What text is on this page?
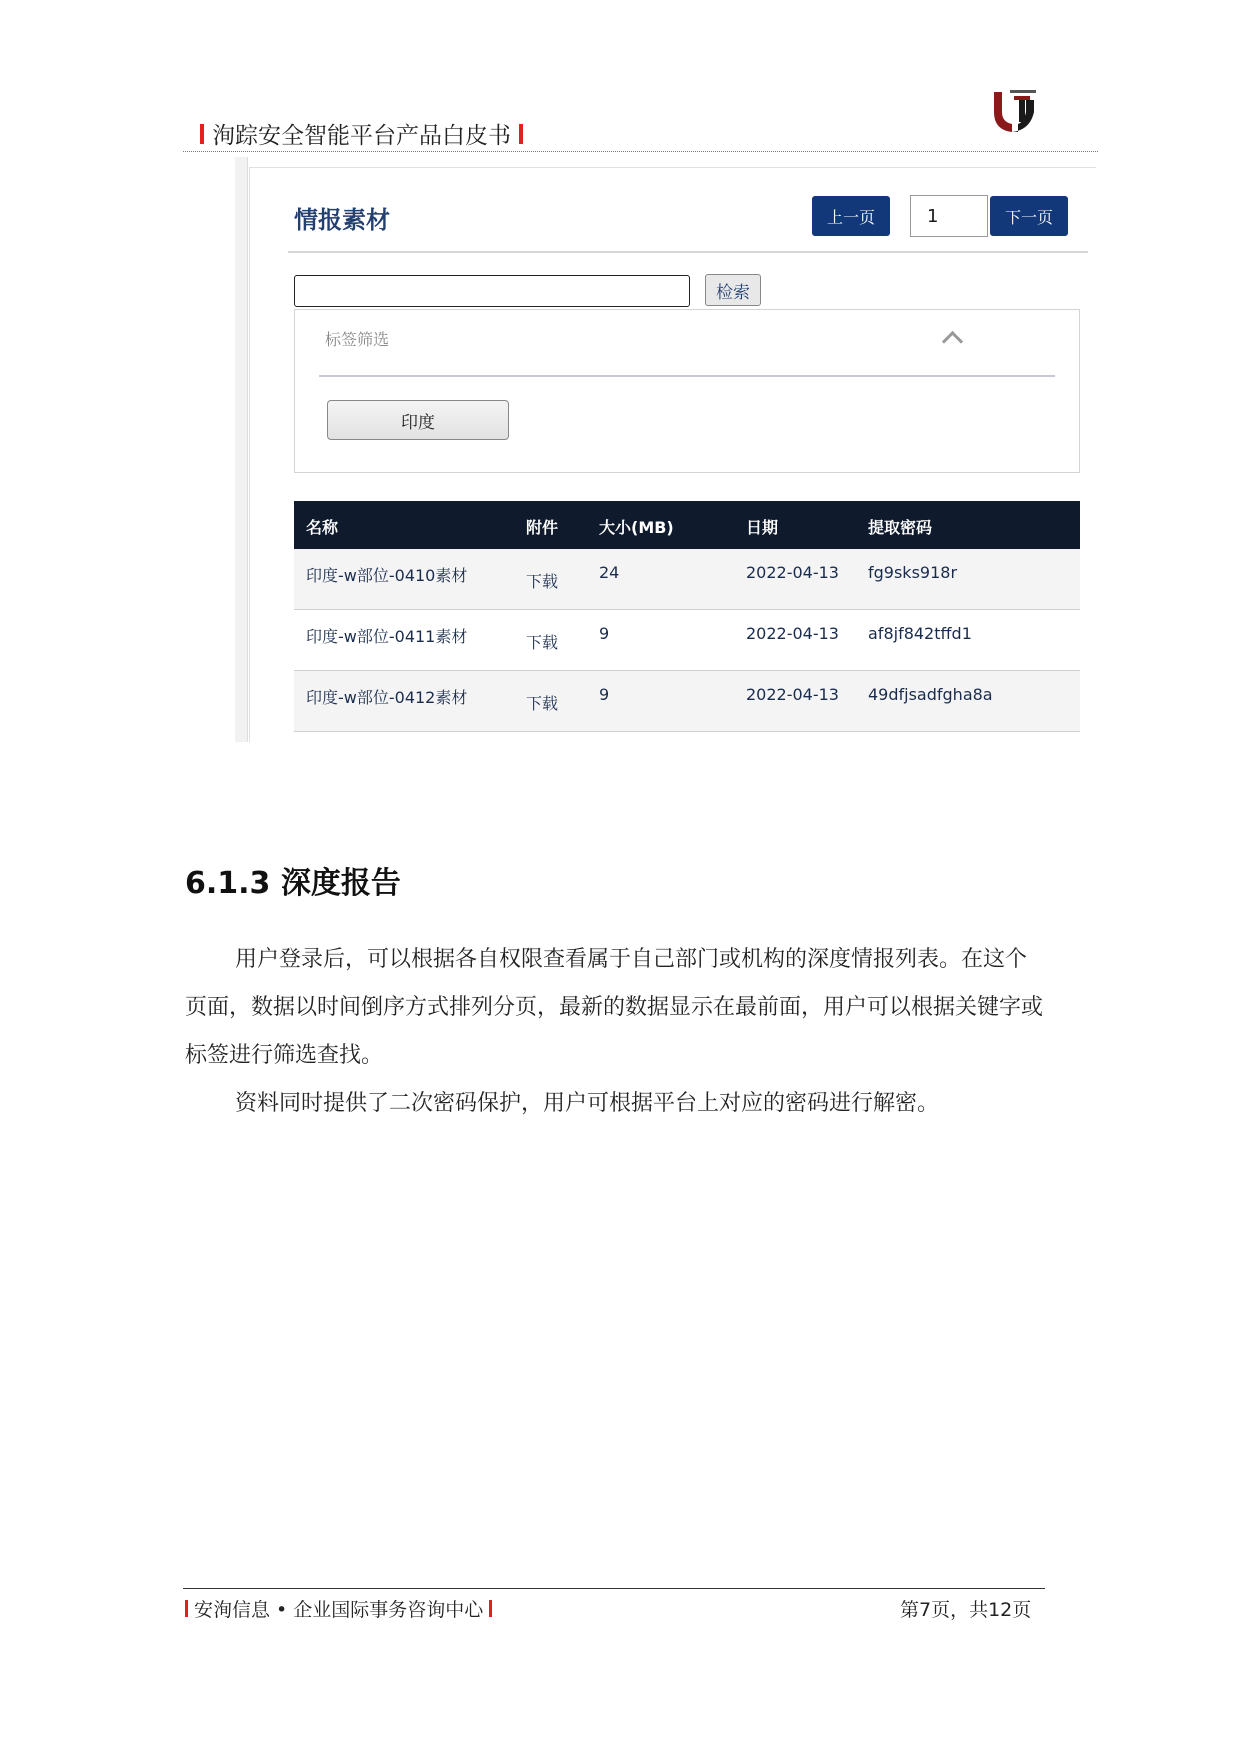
洵踪安全智能平台产品白皮书
情报素材	上一页	1	下一页
检索
标签筛选
印度
名称	附件	大小(MB)	日期	提取密码
印度-w部位-0410素材	下载	24	2022-04-13 fg9sks918r
印度-w部位-0411素材	下载	9	2022-04-13 af8jf842tffd1
印度-w部位-0412素材	下载	9	2022-04-13 49dfjsadfgha8a
6.1.3 深度报告
用户登录后，可以根据各自权限查看属于自己部门或机构的深度情报列表。在这个页面，数据以时间倒序方式排列分页，最新的数据显示在最前面，用户可以根据关键字或标签进行筛选查找。
资料同时提供了二次密码保护，用户可根据平台上对应的密码进行解密。
安洵信息 • 企业国际事务咨询中心	第7页，共12页
